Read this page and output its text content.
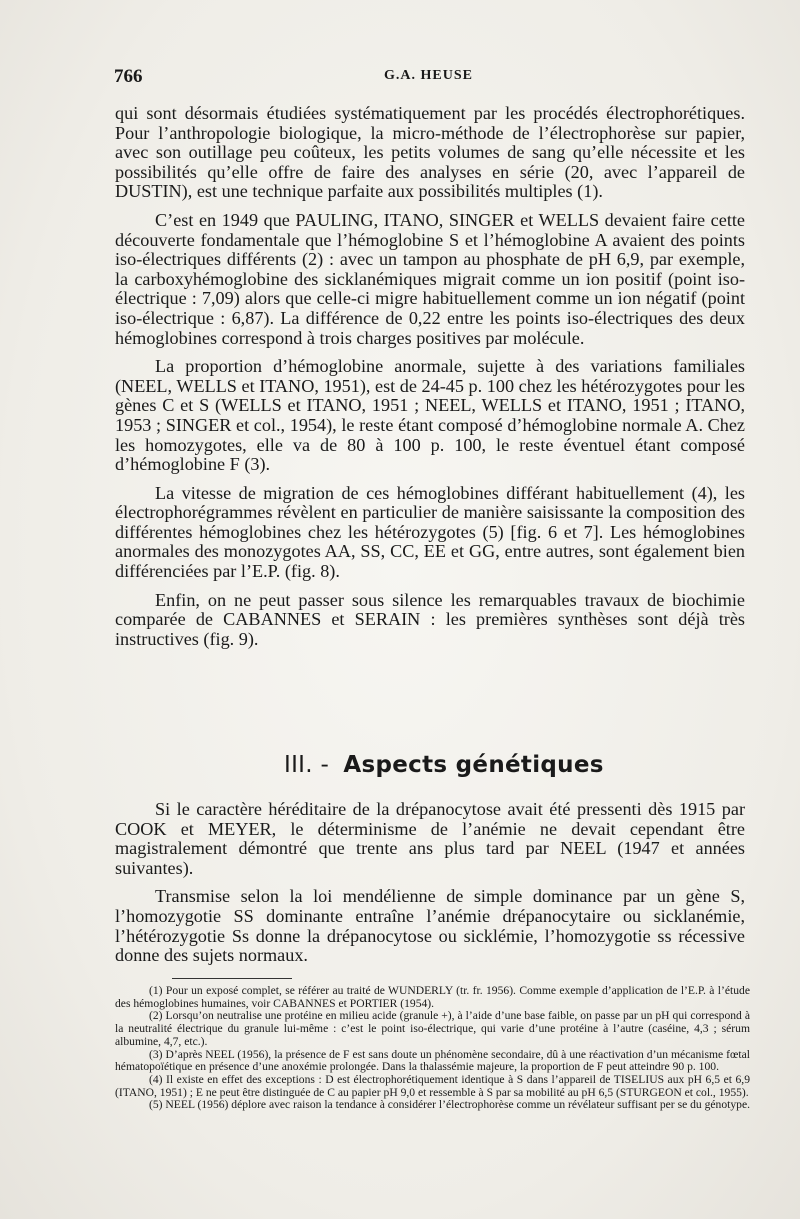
766	G.A. HEUSE

qui sont désormais étudiées systématiquement par les procédés électrophorétiques. Pour l’anthropologie biologique, la micro-méthode de l’électrophorèse sur papier, avec son outillage peu coûteux, les petits volumes de sang qu’elle nécessite et les possibilités qu’elle offre de faire des analyses en série (20, avec l’appareil de DUSTIN), est une technique parfaite aux possibilités multiples (1).

C’est en 1949 que PAULING, ITANO, SINGER et WELLS devaient faire cette découverte fondamentale que l’hémoglobine S et l’hémoglobine A avaient des points iso-électriques différents (2) : avec un tampon au phosphate de pH 6,9, par exemple, la carboxyhémoglobine des sicklanémiques migrait comme un ion positif (point iso-électrique : 7,09) alors que celle-ci migre habituellement comme un ion négatif (point iso-électrique : 6,87). La différence de 0,22 entre les points iso-électriques des deux hémoglobines correspond à trois charges positives par molécule.

La proportion d’hémoglobine anormale, sujette à des variations familiales (NEEL, WELLS et ITANO, 1951), est de 24-45 p. 100 chez les hétérozygotes pour les gènes C et S (WELLS et ITANO, 1951 ; NEEL, WELLS et ITANO, 1951 ; ITANO, 1953 ; SINGER et col., 1954), le reste étant composé d’hémoglobine normale A. Chez les homozygotes, elle va de 80 à 100 p. 100, le reste éventuel étant composé d’hémoglobine F (3).

La vitesse de migration de ces hémoglobines différant habituellement (4), les électrophorégrammes révèlent en particulier de manière saisissante la composition des différentes hémoglobines chez les hétérozygotes (5) [fig. 6 et 7]. Les hémoglobines anormales des monozygotes AA, SS, CC, EE et GG, entre autres, sont également bien différenciées par l’E.P. (fig. 8).

Enfin, on ne peut passer sous silence les remarquables travaux de biochimie comparée de CABANNES et SERAIN : les premières synthèses sont déjà très instructives (fig. 9).

III. - Aspects génétiques

Si le caractère héréditaire de la drépanocytose avait été pressenti dès 1915 par COOK et MEYER, le déterminisme de l’anémie ne devait cependant être magistralement démontré que trente ans plus tard par NEEL (1947 et années suivantes).

Transmise selon la loi mendélienne de simple dominance par un gène S, l’homozygotie SS dominante entraîne l’anémie drépanocytaire ou sicklanémie, l’hétérozygotie Ss donne la drépanocytose ou sicklémie, l’homozygotie ss récessive donne des sujets normaux.

(1) Pour un exposé complet, se référer au traité de WUNDERLY (tr. fr. 1956). Comme exemple d’application de l’E.P. à l’étude des hémoglobines humaines, voir CABANNES et PORTIER (1954).

(2) Lorsqu’on neutralise une protéine en milieu acide (granule +), à l’aide d’une base faible, on passe par un pH qui correspond à la neutralité électrique du granule lui-même : c’est le point iso-électrique, qui varie d’une protéine à l’autre (caséine, 4,3 ; sérum albumine, 4,7, etc.).

(3) D’après NEEL (1956), la présence de F est sans doute un phénomène secondaire, dû à une réactivation d’un mécanisme fœtal hématopoïétique en présence d’une anoxémie prolongée. Dans la thalassémie majeure, la proportion de F peut atteindre 90 p. 100.

(4) Il existe en effet des exceptions : D est électrophorétiquement identique à S dans l’appareil de TISELIUS aux pH 6,5 et 6,9 (ITANO, 1951) ; E ne peut être distinguée de C au papier pH 9,0 et ressemble à S par sa mobilité au pH 6,5 (STURGEON et col., 1955).

(5) NEEL (1956) déplore avec raison la tendance à considérer l’électrophorèse comme un révélateur suffisant per se du génotype.
